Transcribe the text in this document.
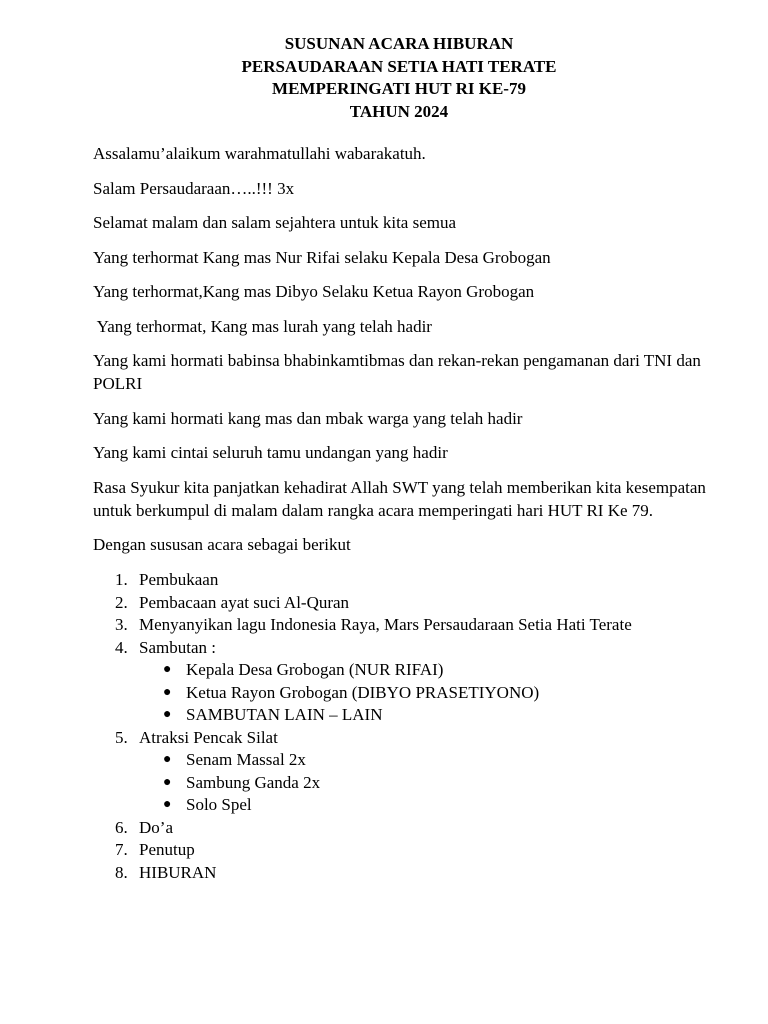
SUSUNAN ACARA HIBURAN
PERSAUDARAAN SETIA HATI TERATE
MEMPERINGATI HUT RI KE-79
TAHUN 2024

Assalamu’alaikum warahmatullahi wabarakatuh.

Salam Persaudaraan…..!!! 3x

Selamat malam dan salam sejahtera untuk kita semua

Yang terhormat Kang mas Nur Rifai selaku Kepala Desa Grobogan

Yang terhormat,Kang mas Dibyo Selaku Ketua Rayon Grobogan

Yang terhormat, Kang mas lurah yang telah hadir

Yang kami hormati babinsa bhabinkamtibmas dan rekan-rekan pengamanan dari TNI dan POLRI

Yang kami hormati kang mas dan mbak warga yang telah hadir

Yang kami cintai seluruh tamu undangan yang hadir

Rasa Syukur kita panjatkan kehadirat Allah SWT yang telah memberikan kita kesempatan untuk berkumpul di malam dalam rangka acara memperingati hari HUT RI Ke 79.

Dengan sususan acara sebagai berikut

1. Pembukaan
2. Pembacaan ayat suci Al-Quran
3. Menyanyikan lagu Indonesia Raya, Mars Persaudaraan Setia Hati Terate
4. Sambutan :
● Kepala Desa Grobogan (NUR RIFAI)
● Ketua Rayon Grobogan (DIBYO PRASETIYONO)
● SAMBUTAN LAIN – LAIN
5. Atraksi Pencak Silat
● Senam Massal 2x
● Sambung Ganda 2x
● Solo Spel
6. Do’a
7. Penutup
8. HIBURAN
